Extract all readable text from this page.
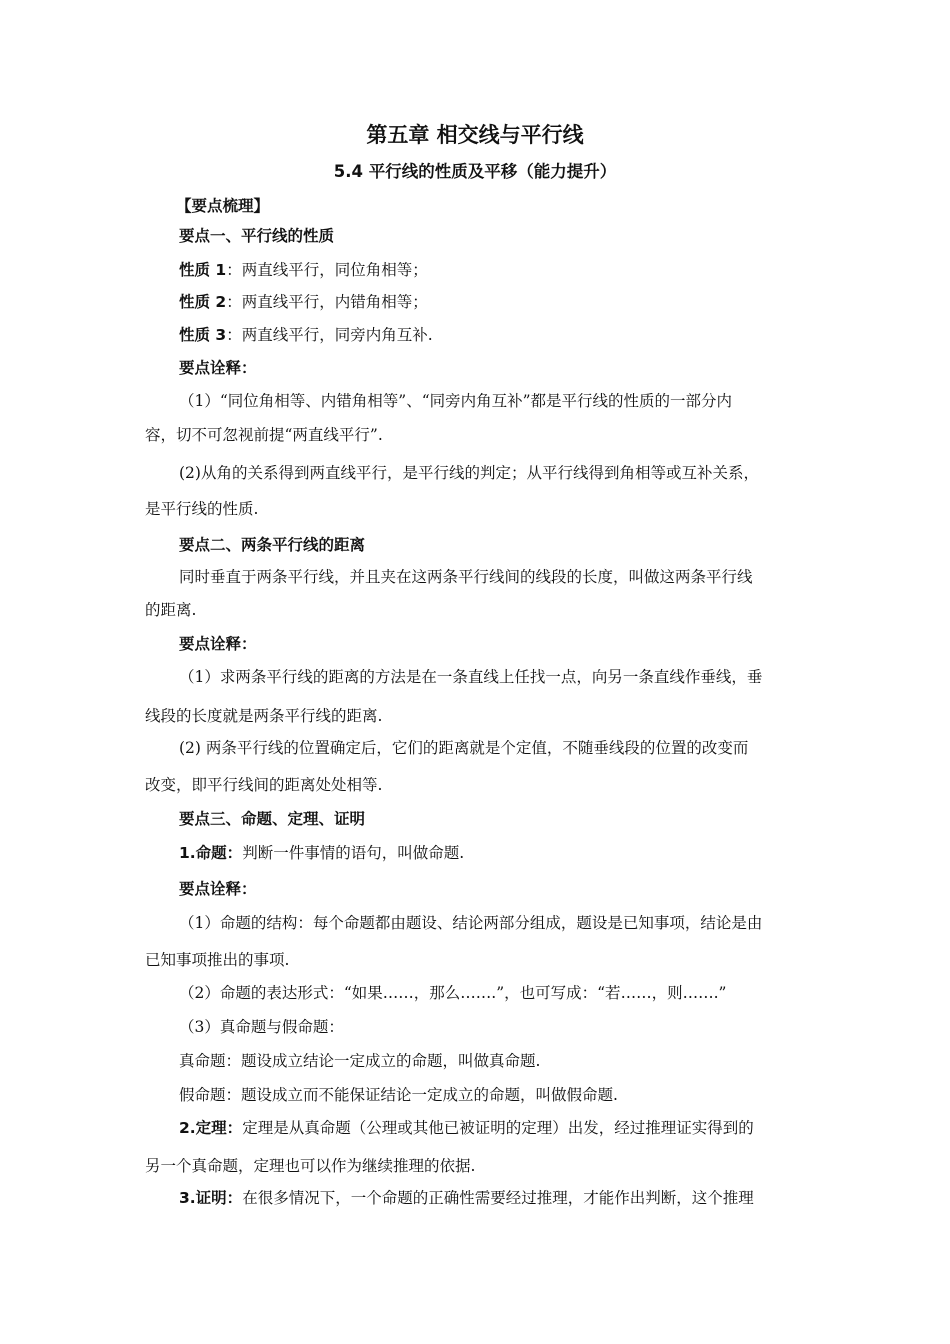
第五章 相交线与平行线
5.4 平行线的性质及平移（能力提升）
【要点梳理】
要点一、平行线的性质
性质 1：两直线平行，同位角相等；
性质 2：两直线平行，内错角相等；
性质 3：两直线平行，同旁内角互补.
要点诠释：
（1）“同位角相等、内错角相等”、“同旁内角互补”都是平行线的性质的一部分内
容，切不可忽视前提“两直线平行”.
(2)从角的关系得到两直线平行，是平行线的判定；从平行线得到角相等或互补关系，
是平行线的性质.
要点二、两条平行线的距离
同时垂直于两条平行线，并且夹在这两条平行线间的线段的长度，叫做这两条平行线
的距离.
要点诠释：
（1）求两条平行线的距离的方法是在一条直线上任找一点，向另一条直线作垂线，垂
线段的长度就是两条平行线的距离.
(2) 两条平行线的位置确定后，它们的距离就是个定值，不随垂线段的位置的改变而
改变，即平行线间的距离处处相等.
要点三、命题、定理、证明
1.命题：判断一件事情的语句，叫做命题.
要点诠释：
（1）命题的结构：每个命题都由题设、结论两部分组成，题设是已知事项，结论是由
已知事项推出的事项.
（2）命题的表达形式：“如果……，那么…….”，也可写成：“若……，则…….”
（3）真命题与假命题：
真命题：题设成立结论一定成立的命题，叫做真命题.
假命题：题设成立而不能保证结论一定成立的命题，叫做假命题.
2.定理：定理是从真命题（公理或其他已被证明的定理）出发，经过推理证实得到的
另一个真命题，定理也可以作为继续推理的依据.
3.证明：在很多情况下，一个命题的正确性需要经过推理，才能作出判断，这个推理
